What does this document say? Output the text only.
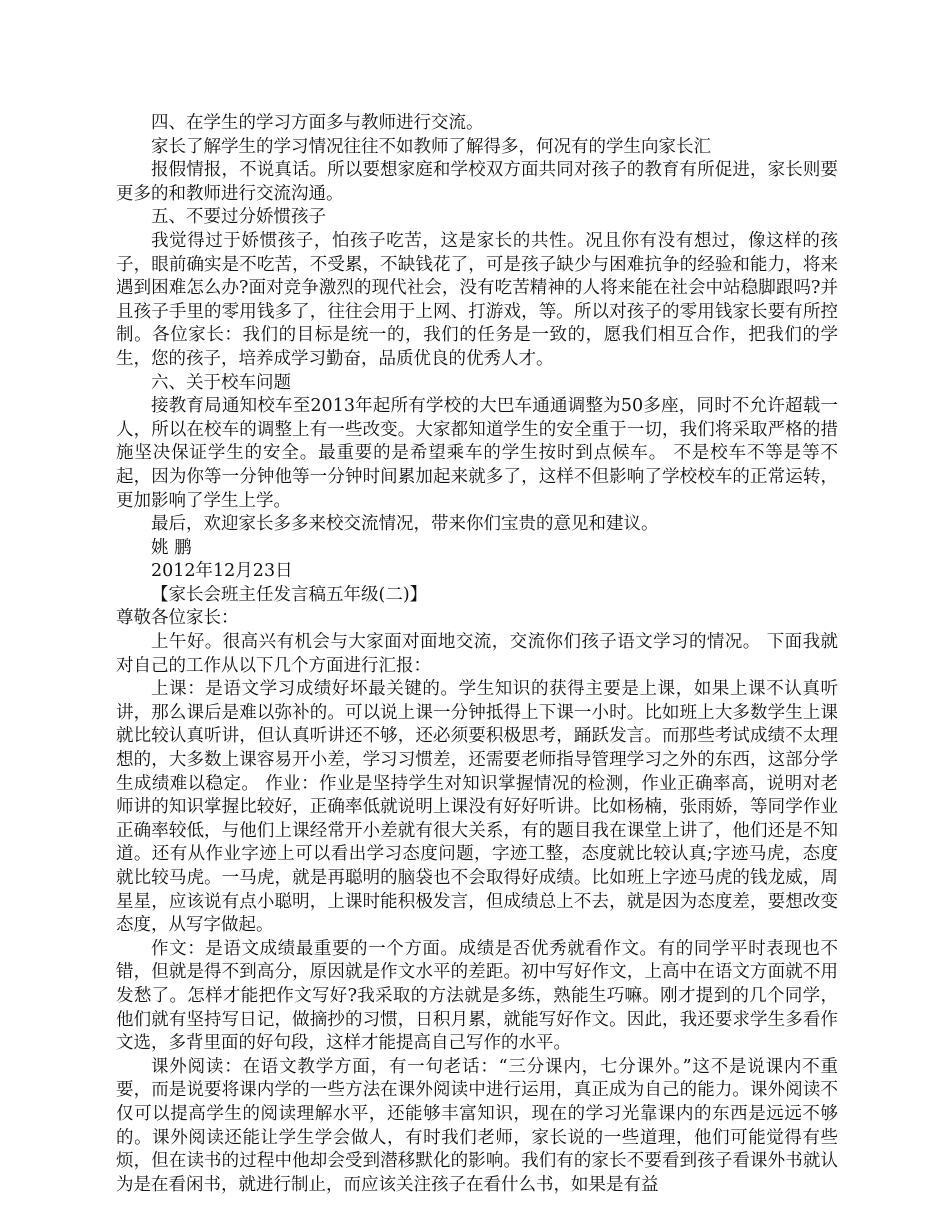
四、在学生的学习方面多与教师进行交流。

家长了解学生的学习情况往往不如教师了解得多，何况有的学生向家长汇

报假情报，不说真话。所以要想家庭和学校双方面共同对孩子的教育有所促进，家长则要更多的和教师进行交流沟通。

五、不要过分娇惯孩子

我觉得过于娇惯孩子，怕孩子吃苦，这是家长的共性。况且你有没有想过，像这样的孩子，眼前确实是不吃苦，不受累，不缺钱花了，可是孩子缺少与困难抗争的经验和能力，将来遇到困难怎么办?面对竞争激烈的现代社会，没有吃苦精神的人将来能在社会中站稳脚跟吗?并且孩子手里的零用钱多了，往往会用于上网、打游戏，等。所以对孩子的零用钱家长要有所控制。各位家长：我们的目标是统一的，我们的任务是一致的，愿我们相互合作，把我们的学生，您的孩子，培养成学习勤奋，品质优良的优秀人才。

六、关于校车问题

接教育局通知校车至2013年起所有学校的大巴车通通调整为50多座，同时不允许超载一人，所以在校车的调整上有一些改变。大家都知道学生的安全重于一切，我们将采取严格的措施坚决保证学生的安全。最重要的是希望乘车的学生按时到点候车。 不是校车不等是等不起，因为你等一分钟他等一分钟时间累加起来就多了，这样不但影响了学校校车的正常运转，更加影响了学生上学。

最后，欢迎家长多多来校交流情况，带来你们宝贵的意见和建议。

姚 鹏

2012年12月23日

【家长会班主任发言稿五年级(二)】

尊敬各位家长：

上午好。很高兴有机会与大家面对面地交流，交流你们孩子语文学习的情况。 下面我就对自己的工作从以下几个方面进行汇报：

上课：是语文学习成绩好坏最关键的。学生知识的获得主要是上课，如果上课不认真听讲，那么课后是难以弥补的。可以说上课一分钟抵得上下课一小时。比如班上大多数学生上课就比较认真听讲，但认真听讲还不够，还必须要积极思考，踊跃发言。而那些考试成绩不太理想的，大多数上课容易开小差，学习习惯差，还需要老师指导管理学习之外的东西，这部分学生成绩难以稳定。 作业：作业是坚持学生对知识掌握情况的检测，作业正确率高，说明对老师讲的知识掌握比较好，正确率低就说明上课没有好好听讲。比如杨楠，张雨娇，等同学作业正确率较低，与他们上课经常开小差就有很大关系，有的题目我在课堂上讲了，他们还是不知道。还有从作业字迹上可以看出学习态度问题，字迹工整，态度就比较认真;字迹马虎，态度就比较马虎。一马虎，就是再聪明的脑袋也不会取得好成绩。比如班上字迹马虎的钱龙威，周星星，应该说有点小聪明，上课时能积极发言，但成绩总上不去，就是因为态度差，要想改变态度，从写字做起。

作文：是语文成绩最重要的一个方面。成绩是否优秀就看作文。有的同学平时表现也不错，但就是得不到高分，原因就是作文水平的差距。初中写好作文，上高中在语文方面就不用发愁了。怎样才能把作文写好?我采取的方法就是多练，熟能生巧嘛。刚才提到的几个同学，他们就有坚持写日记，做摘抄的习惯，日积月累，就能写好作文。因此，我还要求学生多看作文选，多背里面的好句段，这样才能提高自己写作的水平。

课外阅读：在语文教学方面，有一句老话：“三分课内，七分课外。”这不是说课内不重要，而是说要将课内学的一些方法在课外阅读中进行运用，真正成为自己的能力。课外阅读不仅可以提高学生的阅读理解水平，还能够丰富知识，现在的学习光靠课内的东西是远远不够的。课外阅读还能让学生学会做人，有时我们老师，家长说的一些道理，他们可能觉得有些烦，但在读书的过程中他却会受到潜移默化的影响。我们有的家长不要看到孩子看课外书就认为是在看闲书，就进行制止，而应该关注孩子在看什么书，如果是有益
